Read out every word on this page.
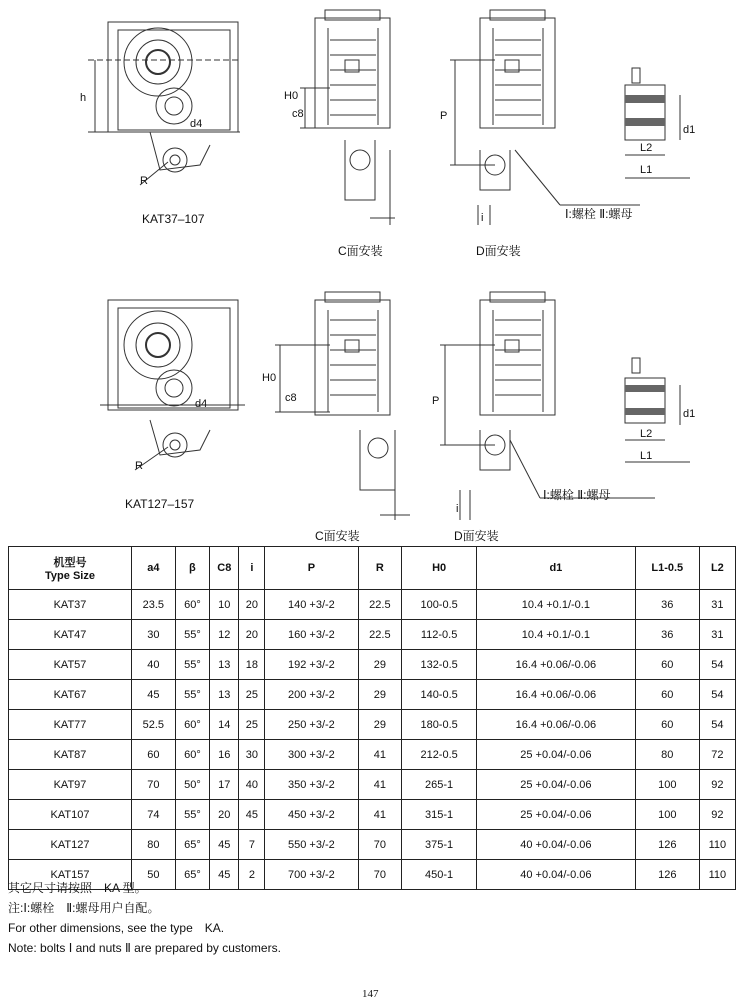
KAT37–107
C面安装	D面安装
Ⅰ:螺栓 Ⅱ:螺母
h
d4
R
H0
c8	P
i
L2
L1
d1
KAT127–157
C面安装	D面安装
Ⅰ:螺栓 Ⅱ:螺母
d4
R
H0
c8	P
i
L2
L1
d1
机型号
Type Size	a4	β	C8	i	P	R	H0	d1	L1-0.5	L2
KAT37	23.5	60°	10	20	140 +3/-2	22.5	100-0.5	10.4 +0.1/-0.1	36	31
KAT47	30	55°	12	20	160 +3/-2	22.5	112-0.5	10.4 +0.1/-0.1	36	31
KAT57	40	55°	13	18	192 +3/-2	29	132-0.5	16.4 +0.06/-0.06	60	54
KAT67	45	55°	13	25	200 +3/-2	29	140-0.5	16.4 +0.06/-0.06	60	54
KAT77	52.5	60°	14	25	250 +3/-2	29	180-0.5	16.4 +0.06/-0.06	60	54
KAT87	60	60°	16	30	300 +3/-2	41	212-0.5	25 +0.04/-0.06	80	72
KAT97	70	50°	17	40	350 +3/-2	41	265-1	25 +0.04/-0.06	100	92
KAT107	74	55°	20	45	450 +3/-2	41	315-1	25 +0.04/-0.06	100	92
KAT127	80	65°	45	7	550 +3/-2	70	375-1	40 +0.04/-0.06	126	110
KAT157	50	65°	45	2	700 +3/-2	70	450-1	40 +0.04/-0.06	126	110
其它尺寸请按照　KA 型。
注:Ⅰ:螺栓　Ⅱ:螺母用户自配。
For other dimensions, see the type　KA.
Note: bolts Ⅰ and nuts Ⅱ are prepared by customers.
147
